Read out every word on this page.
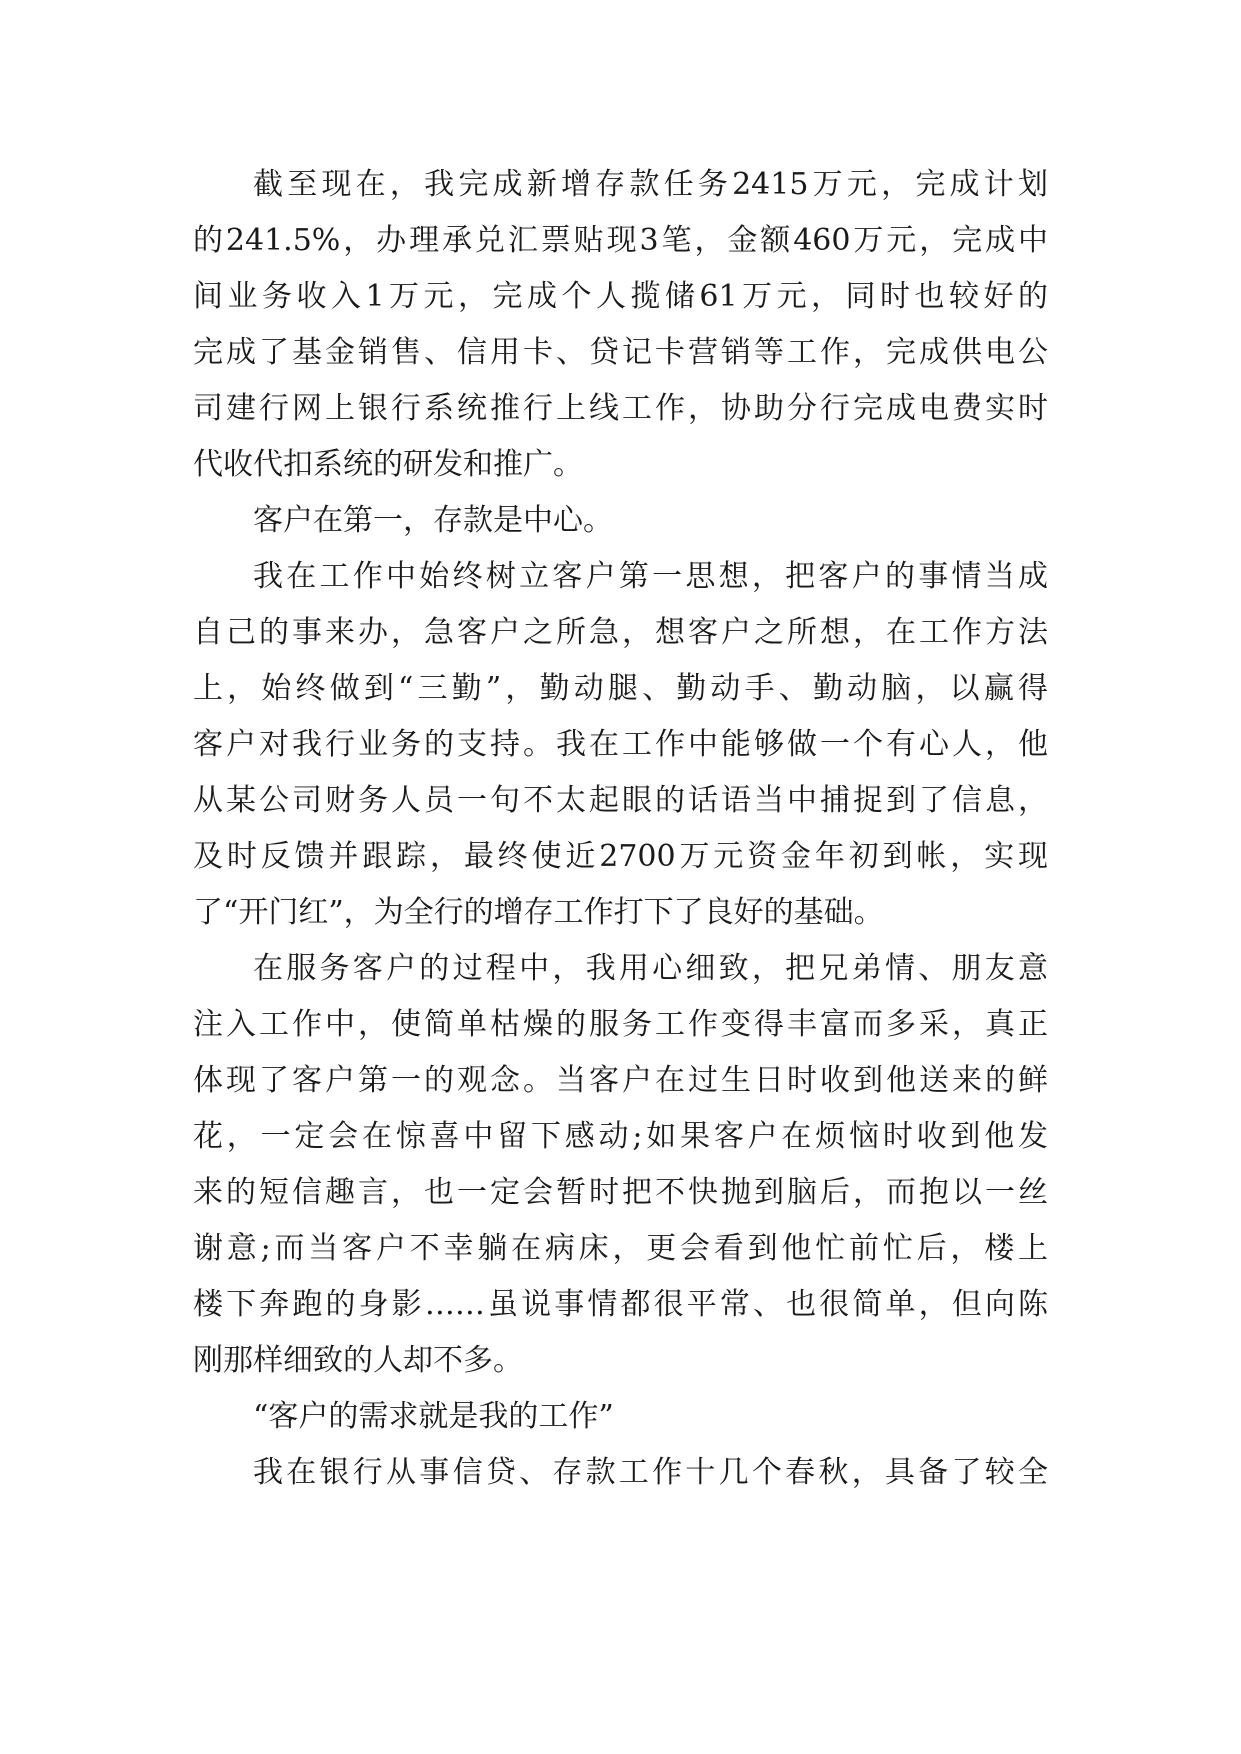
截至现在，我完成新增存款任务2415万元，完成计划
的241.5%，办理承兑汇票贴现3笔，金额460万元，完成中
间业务收入1万元，完成个人揽储61万元，同时也较好的
完成了基金销售、信用卡、贷记卡营销等工作，完成供电公
司建行网上银行系统推行上线工作，协助分行完成电费实时
代收代扣系统的研发和推广。
客户在第一，存款是中心。
我在工作中始终树立客户第一思想，把客户的事情当成
自己的事来办，急客户之所急，想客户之所想，在工作方法
上，始终做到“三勤”，勤动腿、勤动手、勤动脑，以赢得
客户对我行业务的支持。我在工作中能够做一个有心人，他
从某公司财务人员一句不太起眼的话语当中捕捉到了信息，
及时反馈并跟踪，最终使近2700万元资金年初到帐，实现
了“开门红”，为全行的增存工作打下了良好的基础。
在服务客户的过程中，我用心细致，把兄弟情、朋友意
注入工作中，使简单枯燥的服务工作变得丰富而多采，真正
体现了客户第一的观念。当客户在过生日时收到他送来的鲜
花，一定会在惊喜中留下感动;如果客户在烦恼时收到他发
来的短信趣言，也一定会暂时把不快抛到脑后，而抱以一丝
谢意;而当客户不幸躺在病床，更会看到他忙前忙后，楼上
楼下奔跑的身影……虽说事情都很平常、也很简单，但向陈
刚那样细致的人却不多。
“客户的需求就是我的工作”
我在银行从事信贷、存款工作十几个春秋，具备了较全
